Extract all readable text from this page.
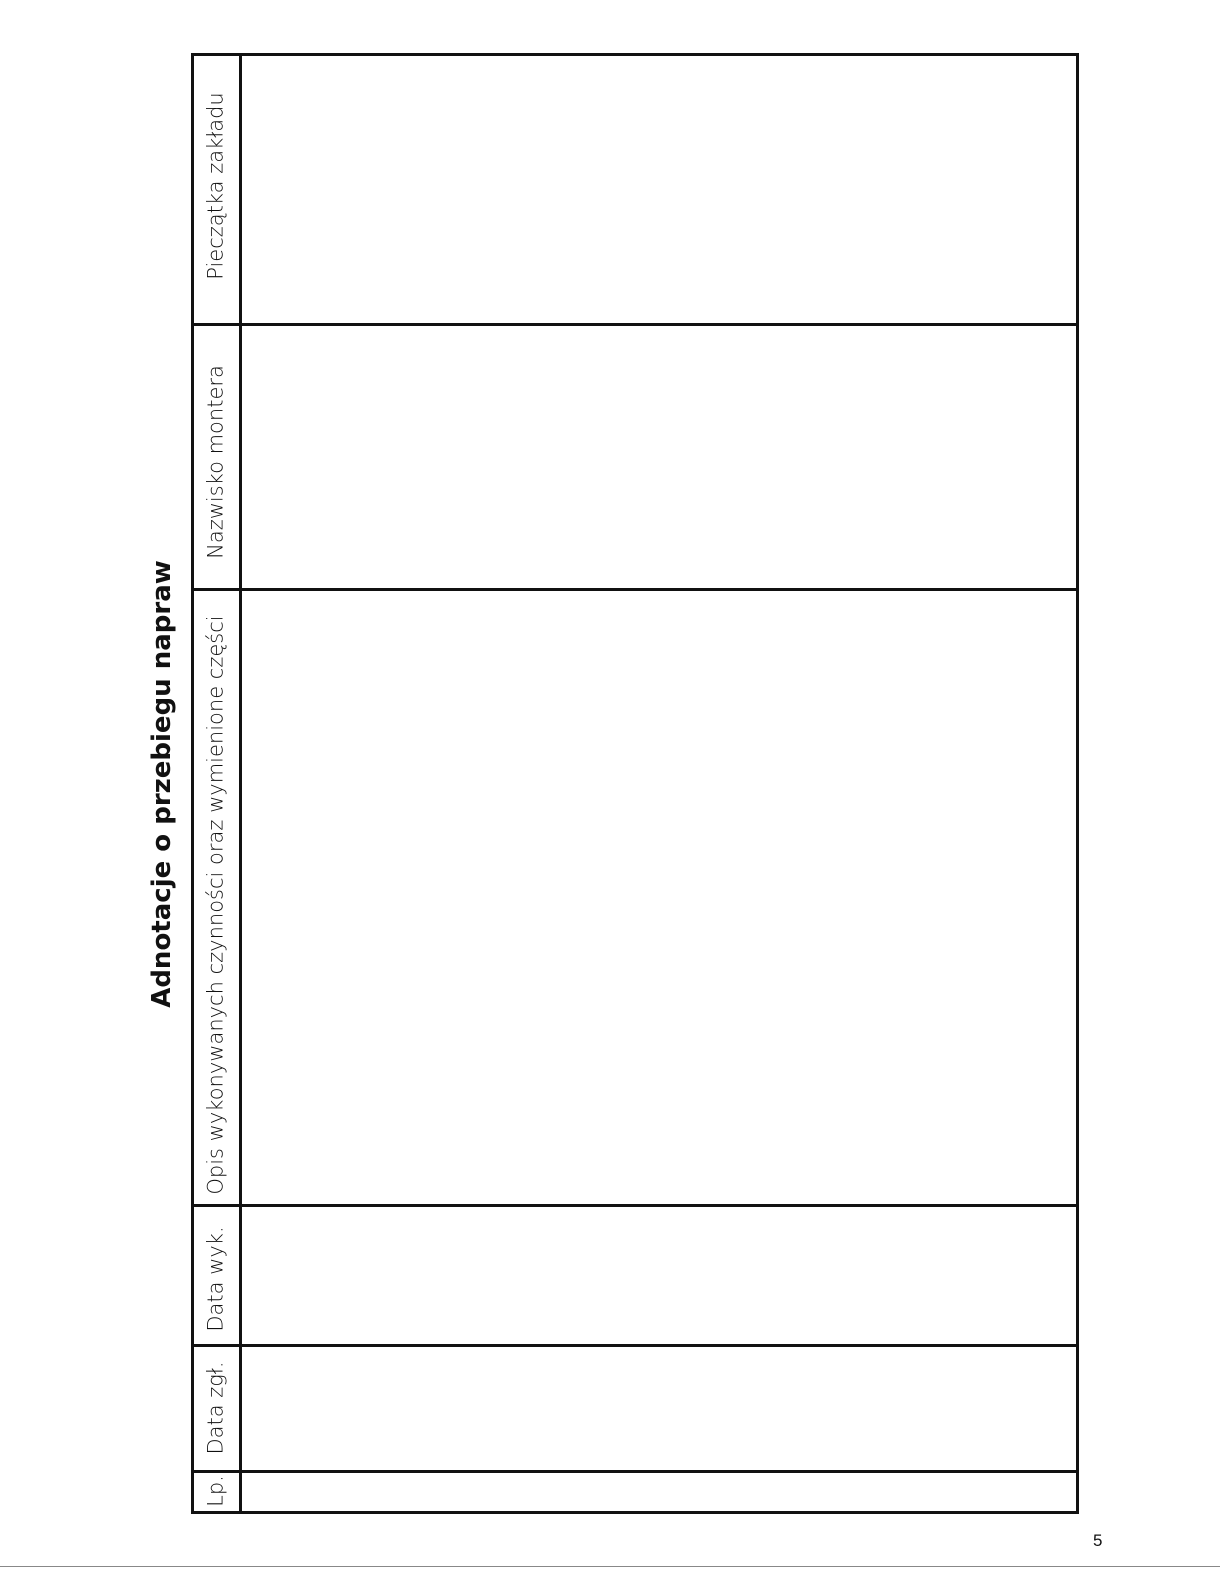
Adnotacje o przebiegu napraw
Pieczątka zakładu
Nazwisko montera
Opis wykonywanych czynności oraz wymienione części
Data wyk.
Data zgł.
Lp.
5
